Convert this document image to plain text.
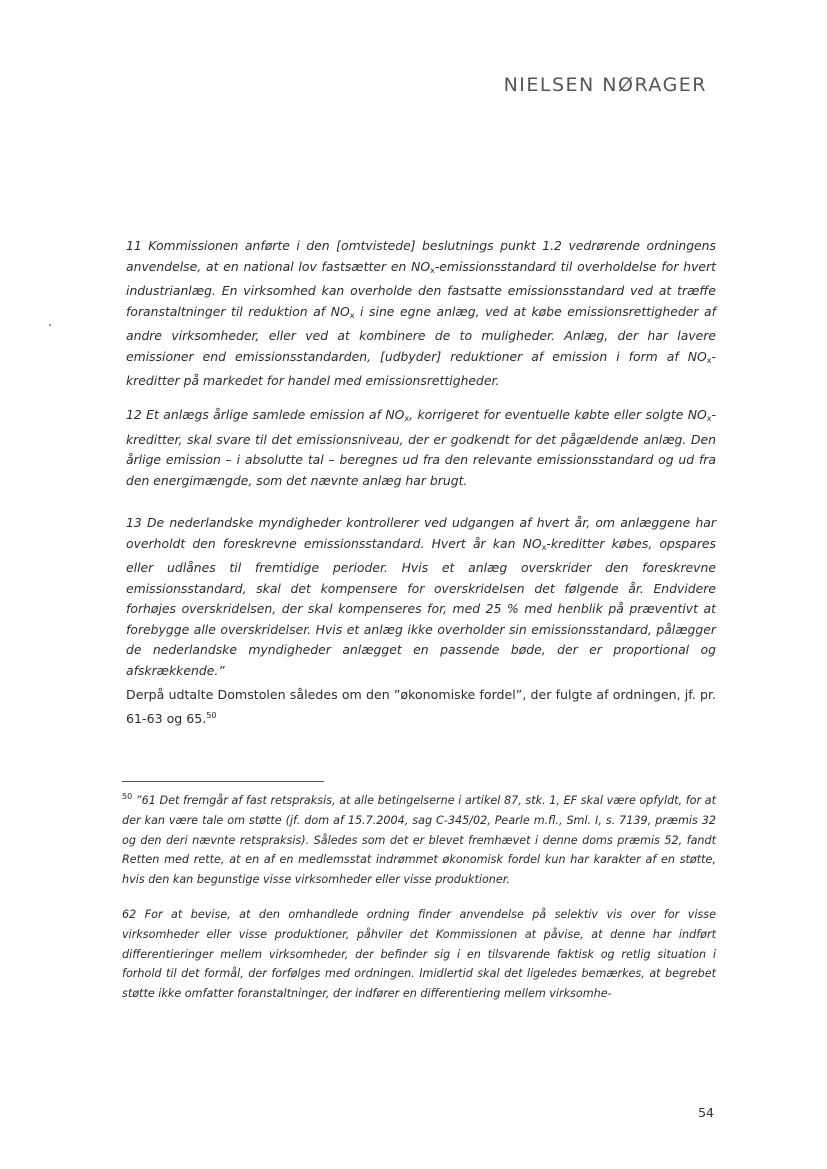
NIELSEN NØRAGER

11 Kommissionen anførte i den [omtvistede] beslutnings punkt 1.2 vedrørende ordningens anvendelse, at en national lov fastsætter en $NO_x$-emissionsstandard til overholdelse for hvert industrianlæg. En virksomhed kan overholde den fastsatte emissionsstandard ved at træffe foranstaltninger til reduktion af $NO_x$ i sine egne anlæg, ved at købe emissionsrettigheder af andre virksomheder, eller ved at kombinere de to muligheder. Anlæg, der har lavere emissioner end emissionsstandarden, [udbyder] reduktioner af emission i form af $NO_x$-kreditter på markedet for handel med emissionsrettigheder.

12 Et anlægs årlige samlede emission af $NO_x$, korrigeret for eventuelle købte eller solgte $NO_x$-kreditter, skal svare til det emissionsniveau, der er godkendt for det pågældende anlæg. Den årlige emission – i absolutte tal – beregnes ud fra den relevante emissionsstandard og ud fra den energimængde, som det nævnte anlæg har brugt.

13 De nederlandske myndigheder kontrollerer ved udgangen af hvert år, om anlæggene har overholdt den foreskrevne emissionsstandard. Hvert år kan $NO_x$-kreditter købes, opspares eller udlånes til fremtidige perioder. Hvis et anlæg overskrider den foreskrevne emissionsstandard, skal det kompensere for overskridelsen det følgende år. Endvidere forhøjes overskridelsen, der skal kompenseres for, med 25 % med henblik på præventivt at forebygge alle overskridelser. Hvis et anlæg ikke overholder sin emissionsstandard, pålægger de nederlandske myndigheder anlægget en passende bøde, der er proportional og afskrækkende.”

Derpå udtalte Domstolen således om den ”økonomiske fordel”, der fulgte af ordningen, jf. pr. 61-63 og 65.50

$^{50}$ ”61 Det fremgår af fast retspraksis, at alle betingelserne i artikel 87, stk. 1, EF skal være opfyldt, for at der kan være tale om støtte (jf. dom af 15.7.2004, sag C-345/02, Pearle m.fl., Sml. I, s. 7139, præmis 32 og den deri nævnte retspraksis). Således som det er blevet fremhævet i denne doms præmis 52, fandt Retten med rette, at en af en medlemsstat indrømmet økonomisk fordel kun har karakter af en støtte, hvis den kan begunstige visse virksomheder eller visse produktioner.

62 For at bevise, at den omhandlede ordning finder anvendelse på selektiv vis over for visse virksomheder eller visse produktioner, påhviler det Kommissionen at påvise, at denne har indført differentieringer mellem virksomheder, der befinder sig i en tilsvarende faktisk og retlig situation i forhold til det formål, der forfølges med ordningen. Imidlertid skal det ligeledes bemærkes, at begrebet støtte ikke omfatter foranstaltninger, der indfører en differentiering mellem virksomhe-

54
